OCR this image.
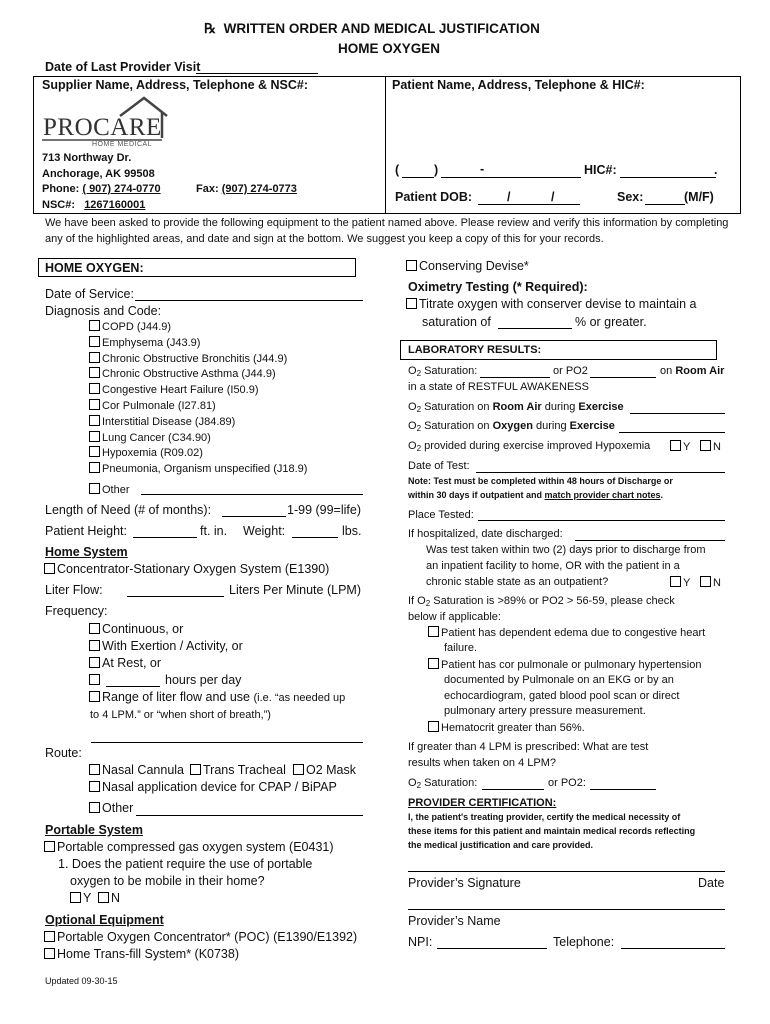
℞ WRITTEN ORDER AND MEDICAL JUSTIFICATION
HOME OXYGEN
Date of Last Provider Visit
Supplier Name, Address, Telephone & NSC#:
PROCARE
HOME MEDICAL
713 Northway Dr.
Anchorage, AK 99508
Phone: ( 907) 274-0770	Fax: (907) 274-0773
NSC#: 1267160001
Patient Name, Address, Telephone & HIC#:
(	)	-	HIC#:	.
Patient DOB:	/	/	Sex:	(M/F)
We have been asked to provide the following equipment to the patient named above. Please review and verify this information by completing any of the highlighted areas, and date and sign at the bottom. We suggest you keep a copy of this for your records.
HOME OXYGEN:
Date of Service:
Diagnosis and Code:
COPD (J44.9)
Emphysema (J43.9)
Chronic Obstructive Bronchitis (J44.9)
Chronic Obstructive Asthma (J44.9)
Congestive Heart Failure (I50.9)
Cor Pulmonale (I27.81)
Interstitial Disease (J84.89)
Lung Cancer (C34.90)
Hypoxemia (R09.02)
Pneumonia, Organism unspecified (J18.9)
Other
Length of Need (# of months):	1-99 (99=life)
Patient Height:	ft. in. Weight:	lbs.
Home System
Concentrator-Stationary Oxygen System (E1390)
Liter Flow:	Liters Per Minute (LPM)
Frequency:
Continuous, or
With Exertion / Activity, or
At Rest, or
hours per day
Range of liter flow and use (i.e. “as needed up
to 4 LPM.” or “when short of breath,”)
Route:
Nasal Cannula	Trans Tracheal	O2 Mask
Nasal application device for CPAP / BiPAP
Other
Portable System
Portable compressed gas oxygen system (E0431)
1. Does the patient require the use of portable
oxygen to be mobile in their home?
Y	N
Optional Equipment
Portable Oxygen Concentrator* (POC) (E1390/E1392)
Home Trans-fill System* (K0738)
Updated 09-30-15
Conserving Devise*
Oximetry Testing (* Required):
Titrate oxygen with conserver devise to maintain a
saturation of	% or greater.
LABORATORY RESULTS:
$O_2$ Saturation:	or PO2	on Room Air
in a state of RESTFUL AWAKENESS
$O_2$ Saturation on Room Air during Exercise
$O_2$ Saturation on Oxygen during Exercise
$O_2$ provided during exercise improved Hypoxemia	Y	N
Date of Test:
Note: Test must be completed within 48 hours of Discharge or
within 30 days if outpatient and match provider chart notes.
Place Tested:
If hospitalized, date discharged:
Was test taken within two (2) days prior to discharge from
an inpatient facility to home, OR with the patient in a
chronic stable state as an outpatient?	Y	N
If $O_2$ Saturation is >89% or PO2 > 56-59, please check
below if applicable:
Patient has dependent edema due to congestive heart
failure.
Patient has cor pulmonale or pulmonary hypertension
documented by Pulmonale on an EKG or by an
echocardiogram, gated blood pool scan or direct
pulmonary artery pressure measurement.
Hematocrit greater than 56%.
If greater than 4 LPM is prescribed: What are test
results when taken on 4 LPM?
$O_2$ Saturation:	or PO2:
PROVIDER CERTIFICATION:
I, the patient's treating provider, certify the medical necessity of
these items for this patient and maintain medical records reflecting
the medical justification and care provided.
Provider’s Signature	Date
Provider’s Name
NPI:	Telephone:
